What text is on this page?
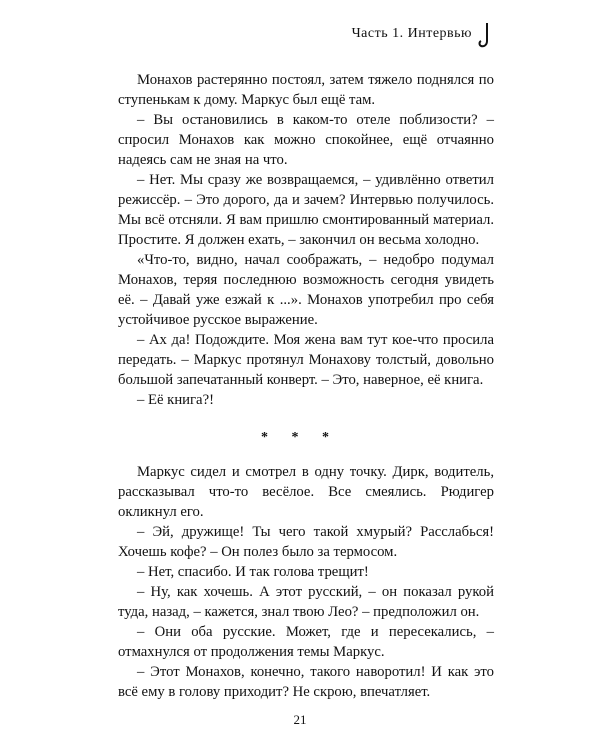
Часть 1. Интервью

Монахов растерянно постоял, затем тяжело поднялся по ступенькам к дому. Маркус был ещё там.

– Вы остановились в каком-то отеле поблизости? – спросил Монахов как можно спокойнее, ещё отчаянно надеясь сам не зная на что.

– Нет. Мы сразу же возвращаемся, – удивлённо ответил режиссёр. – Это дорого, да и зачем? Интервью получилось. Мы всё отсняли. Я вам пришлю смонтированный материал. Простите. Я должен ехать, – закончил он весьма холодно.

«Что-то, видно, начал соображать, – недобро подумал Монахов, теряя последнюю возможность сегодня увидеть её. – Давай уже езжай к ...». Монахов употребил про себя устойчивое русское выражение.

– Ах да! Подождите. Моя жена вам тут кое-что просила передать. – Маркус протянул Монахову толстый, довольно большой запечатанный конверт. – Это, наверное, её книга.

– Её книга?!

* * *

Маркус сидел и смотрел в одну точку. Дирк, водитель, рассказывал что-то весёлое. Все смеялись. Рюдигер окликнул его.

– Эй, дружище! Ты чего такой хмурый? Расслабься! Хочешь кофе? – Он полез было за термосом.

– Нет, спасибо. И так голова трещит!

– Ну, как хочешь. А этот русский, – он показал рукой туда, назад, – кажется, знал твою Лео? – предположил он.

– Они оба русские. Может, где и пересекались, – отмахнулся от продолжения темы Маркус.

– Этот Монахов, конечно, такого наворотил! И как это всё ему в голову приходит? Не скрою, впечатляет.

21
